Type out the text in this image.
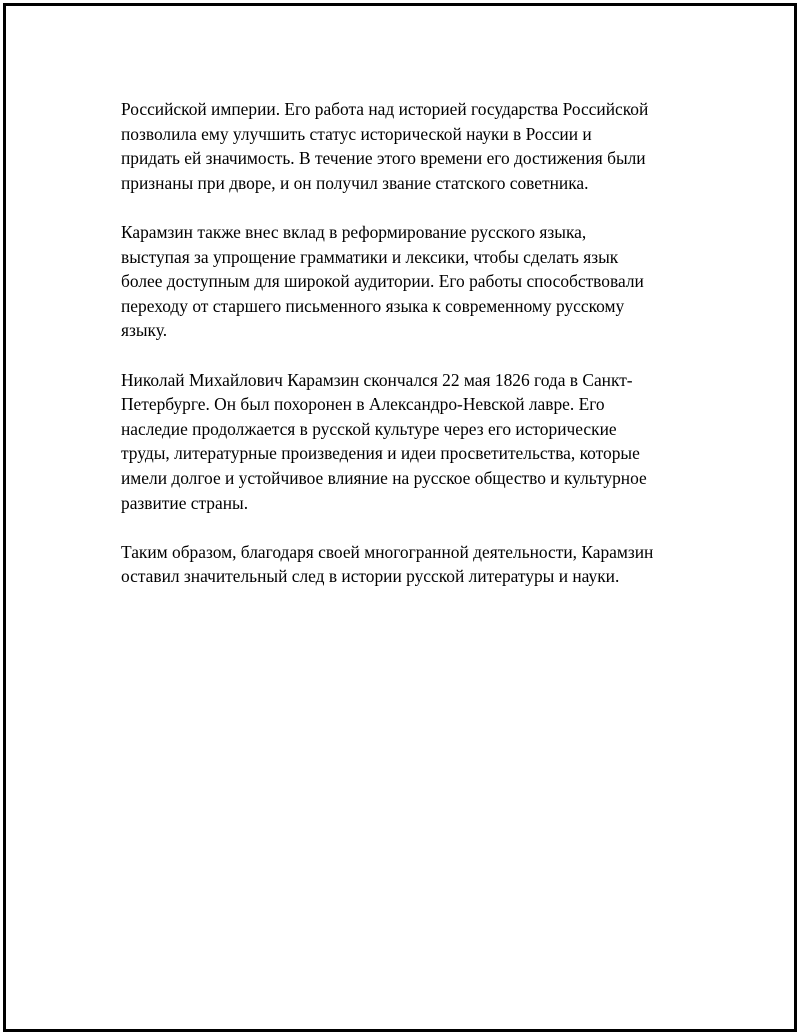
Российской империи. Его работа над историей государства Российской
позволила ему улучшить статус исторической науки в России и
придать ей значимость. В течение этого времени его достижения были
признаны при дворе, и он получил звание статского советника.

Карамзин также внес вклад в реформирование русского языка,
выступая за упрощение грамматики и лексики, чтобы сделать язык
более доступным для широкой аудитории. Его работы способствовали
переходу от старшего письменного языка к современному русскому
языку.

Николай Михайлович Карамзин скончался 22 мая 1826 года в Санкт-
Петербурге. Он был похоронен в Александро-Невской лавре. Его
наследие продолжается в русской культуре через его исторические
труды, литературные произведения и идеи просветительства, которые
имели долгое и устойчивое влияние на русское общество и культурное
развитие страны.

Таким образом, благодаря своей многогранной деятельности, Карамзин
оставил значительный след в истории русской литературы и науки.
